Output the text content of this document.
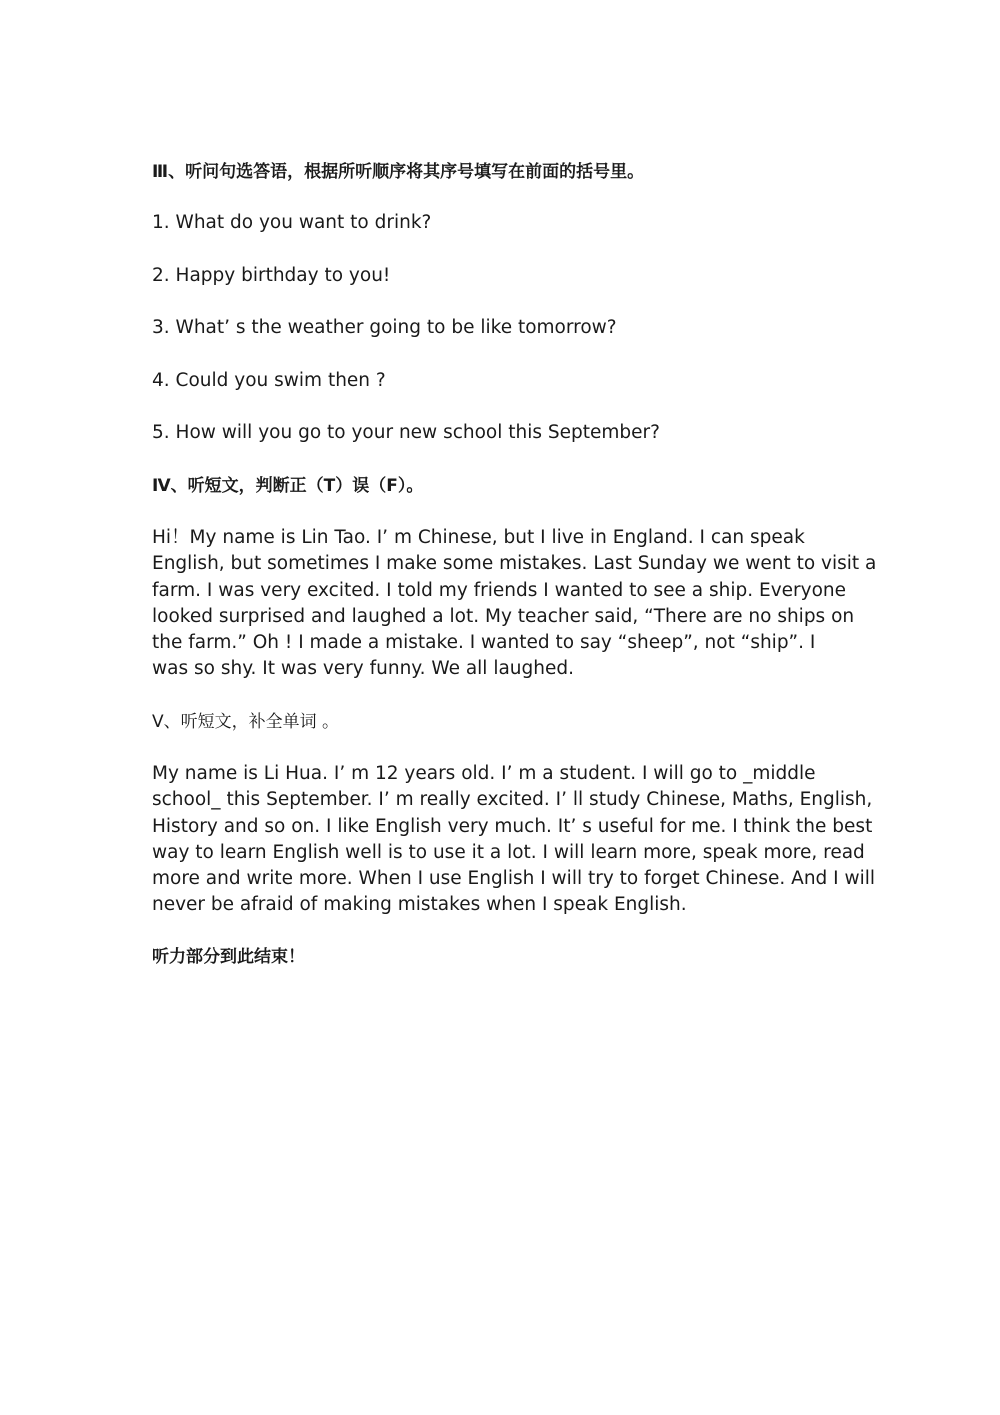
Ⅲ、听问句选答语，根据所听顺序将其序号填写在前面的括号里。
1. What do you want to drink?
2. Happy birthday to you!
3. What’ s the weather going to be like tomorrow?
4. Could you swim then ?
5. How will you go to your new school this September?
Ⅳ、听短文，判断正（T）误（F）。
Hi！My name is Lin Tao. I’ m Chinese, but I live in England. I can speak
English, but sometimes I make some mistakes. Last Sunday we went to visit a
farm. I was very excited. I told my friends I wanted to see a ship. Everyone
looked surprised and laughed a lot. My teacher said, “There are no ships on
the farm.” Oh ! I made a mistake. I wanted to say “sheep”, not “ship”. I
was so shy. It was very funny. We all laughed.
Ⅴ、听短文，补全单词 。
My name is Li Hua. I’ m 12 years old. I’ m a student. I will go to _middle
school_ this September. I’ m really excited. I’ ll study Chinese, Maths, English,
History and so on. I like English very much. It’ s useful for me. I think the best
way to learn English well is to use it a lot. I will learn more, speak more, read
more and write more. When I use English I will try to forget Chinese. And I will
never be afraid of making mistakes when I speak English.
听力部分到此结束！
